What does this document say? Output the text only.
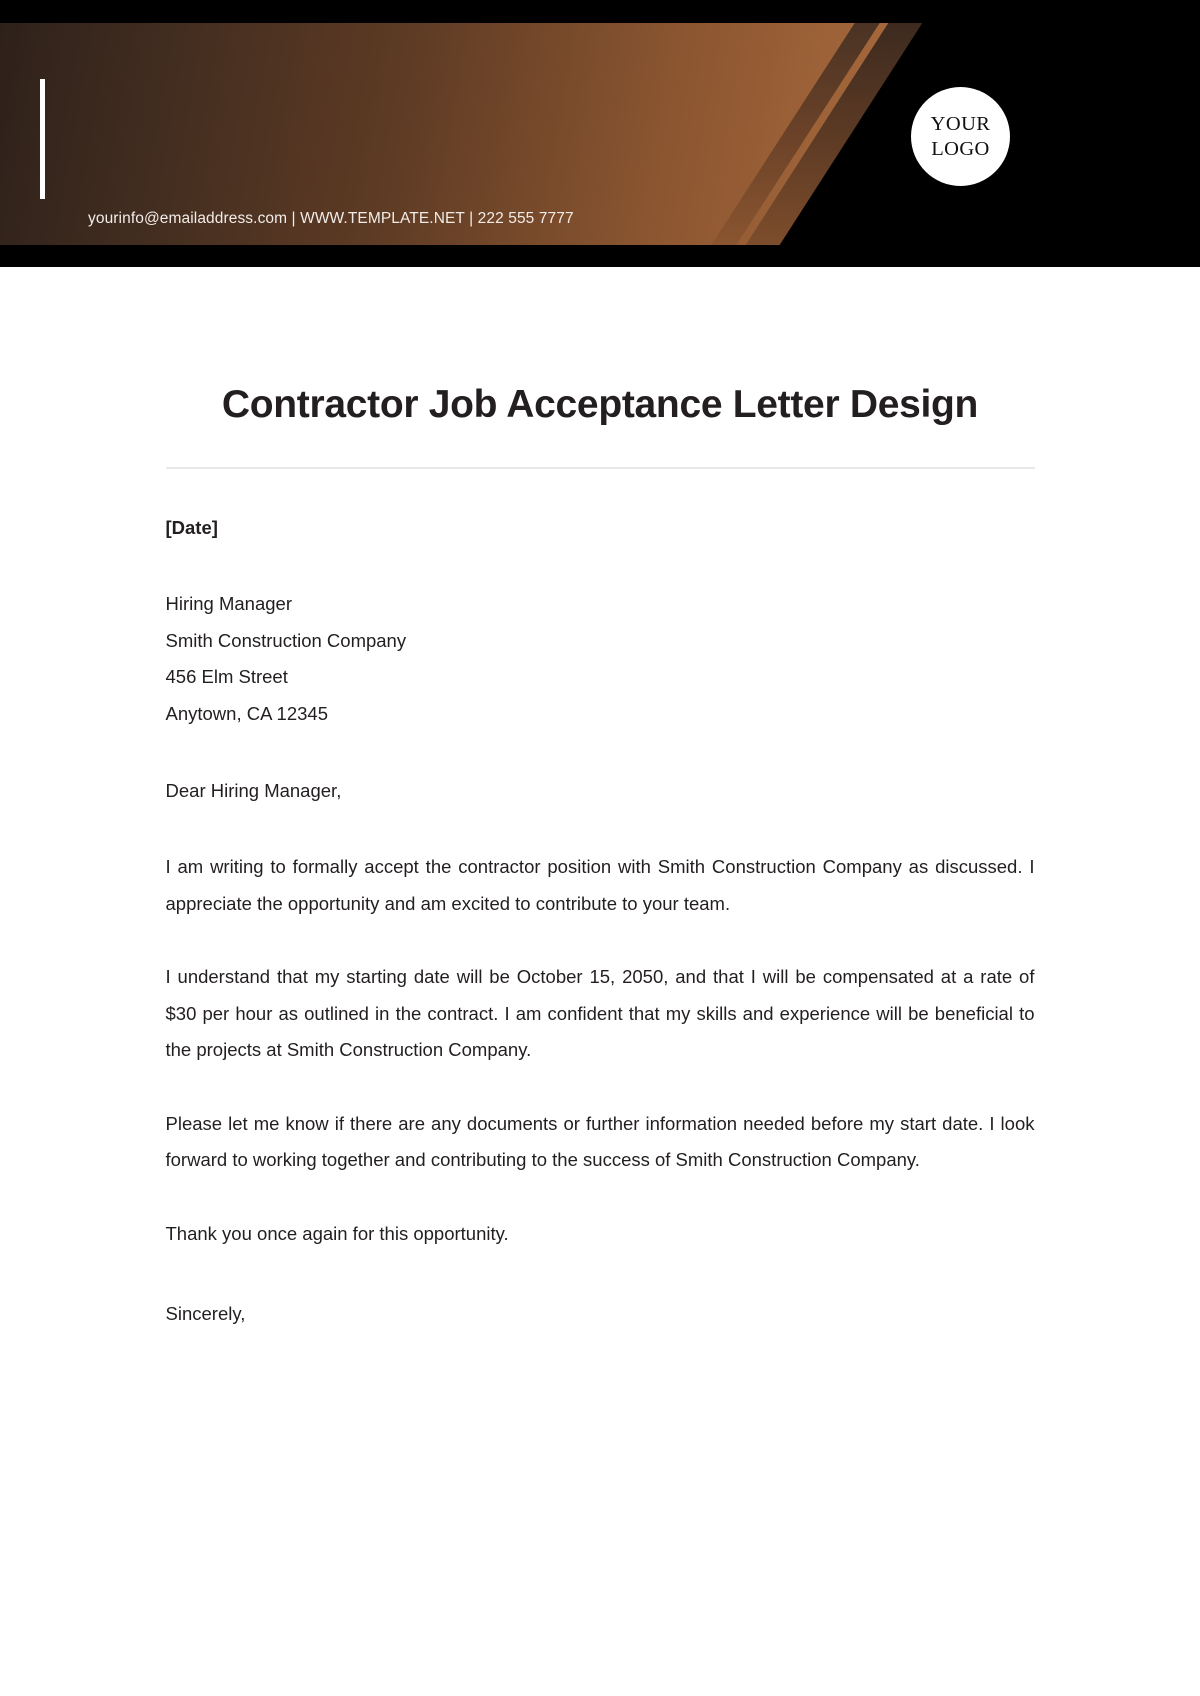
yourinfo@emailaddress.com | WWW.TEMPLATE.NET | 222 555 7777
YOUR
LOGO
Contractor Job Acceptance Letter Design
[Date]
Hiring Manager
Smith Construction Company
456 Elm Street
Anytown, CA 12345
Dear Hiring Manager,

I am writing to formally accept the contractor position with Smith Construction Company as discussed. I appreciate the opportunity and am excited to contribute to your team.

I understand that my starting date will be October 15, 2050, and that I will be compensated at a rate of $30 per hour as outlined in the contract. I am confident that my skills and experience will be beneficial to the projects at Smith Construction Company.

Please let me know if there are any documents or further information needed before my start date. I look forward to working together and contributing to the success of Smith Construction Company.

Thank you once again for this opportunity.

Sincerely,
